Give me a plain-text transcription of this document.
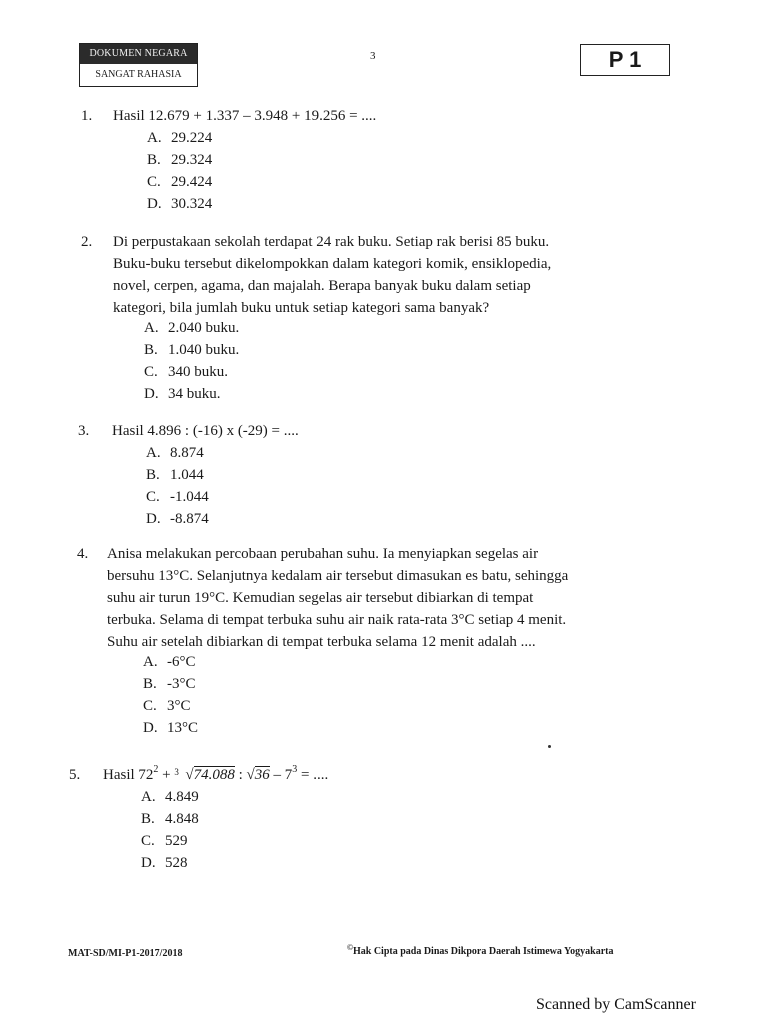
DOKUMEN NEGARA
SANGAT RAHASIA
3	P 1
1. Hasil 12.679 + 1.337 – 3.948 + 19.256 = ....
A. 29.224
B. 29.324
C. 29.424
D. 30.324
2. Di perpustakaan sekolah terdapat 24 rak buku. Setiap rak berisi 85 buku.

Buku-buku tersebut dikelompokkan dalam kategori komik, ensiklopedia,

novel, cerpen, agama, dan majalah. Berapa banyak buku dalam setiap

kategori, bila jumlah buku untuk setiap kategori sama banyak?

A. 2.040 buku.
B. 1.040 buku.
C. 340 buku.
D. 34 buku.
3. Hasil 4.896 : (-16) x (-29) = ....
A. 8.874
B. 1.044
C. -1.044
D. -8.874
4. Anisa melakukan percobaan perubahan suhu. Ia menyiapkan segelas air

bersuhu 13°C. Selanjutnya kedalam air tersebut dimasukan es batu, sehingga

suhu air turun 19°C. Kemudian segelas air tersebut dibiarkan di tempat

terbuka. Selama di tempat terbuka suhu air naik rata-rata 3°C setiap 4 menit.

Suhu air setelah dibiarkan di tempat terbuka selama 12 menit adalah ....

A. -6°C
B. -3°C
C. 3°C
D. 13°C
5. Hasil $72^2 + 3$ √74.088 : $√36 - 7^3$ = ....
A. 4.849
B. 4.848
C. 529
D. 528
MAT-SD/MI-P1-2017/2018
©Hak Cipta pada Dinas Dikpora Daerah Istimewa Yogyakarta
Scanned by CamScanner
